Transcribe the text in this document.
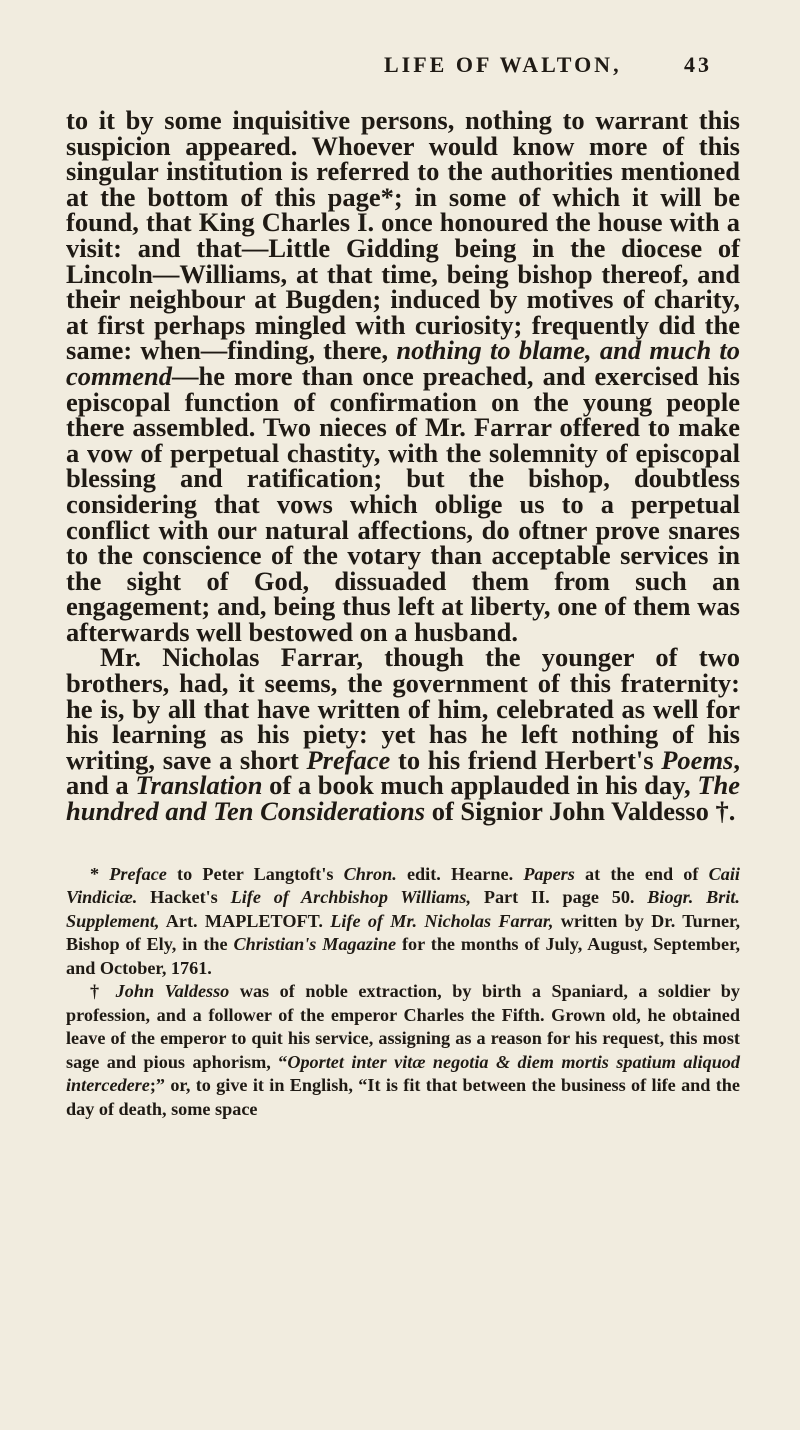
LIFE OF WALTON,	43

to it by some inquisitive persons, nothing to warrant this suspicion appeared. Whoever would know more of this singular institution is referred to the authorities mentioned at the bottom of this page*; in some of which it will be found, that King Charles I. once honoured the house with a visit: and that—Little Gidding being in the diocese of Lincoln—Williams, at that time, being bishop thereof, and their neighbour at Bugden; induced by motives of charity, at first perhaps mingled with curiosity; frequently did the same: when—finding, there, nothing to blame, and much to commend—he more than once preached, and exercised his episcopal function of confirmation on the young people there assembled. Two nieces of Mr. Farrar offered to make a vow of perpetual chastity, with the solemnity of episcopal blessing and ratification; but the bishop, doubtless considering that vows which oblige us to a perpetual conflict with our natural affections, do oftner prove snares to the conscience of the votary than acceptable services in the sight of God, dissuaded them from such an engagement; and, being thus left at liberty, one of them was afterwards well bestowed on a husband.

Mr. Nicholas Farrar, though the younger of two brothers, had, it seems, the government of this fraternity: he is, by all that have written of him, celebrated as well for his learning as his piety: yet has he left nothing of his writing, save a short Preface to his friend Herbert's Poems, and a Translation of a book much applauded in his day, The hundred and Ten Considerations of Signior John Valdesso †.

* Preface to Peter Langtoft's Chron. edit. Hearne. Papers at the end of Caii Vindiciæ. Hacket's Life of Archbishop Williams, Part II. page 50. Biogr. Brit. Supplement, Art. MAPLETOFT. Life of Mr. Nicholas Farrar, written by Dr. Turner, Bishop of Ely, in the Christian's Magazine for the months of July, August, September, and October, 1761.

† John Valdesso was of noble extraction, by birth a Spaniard, a soldier by profession, and a follower of the emperor Charles the Fifth. Grown old, he obtained leave of the emperor to quit his service, assigning as a reason for his request, this most sage and pious aphorism, “Oportet inter vitæ negotia & diem mortis spatium aliquod intercedere;” or, to give it in English, “It is fit that between the business of life and the day of death, some space
